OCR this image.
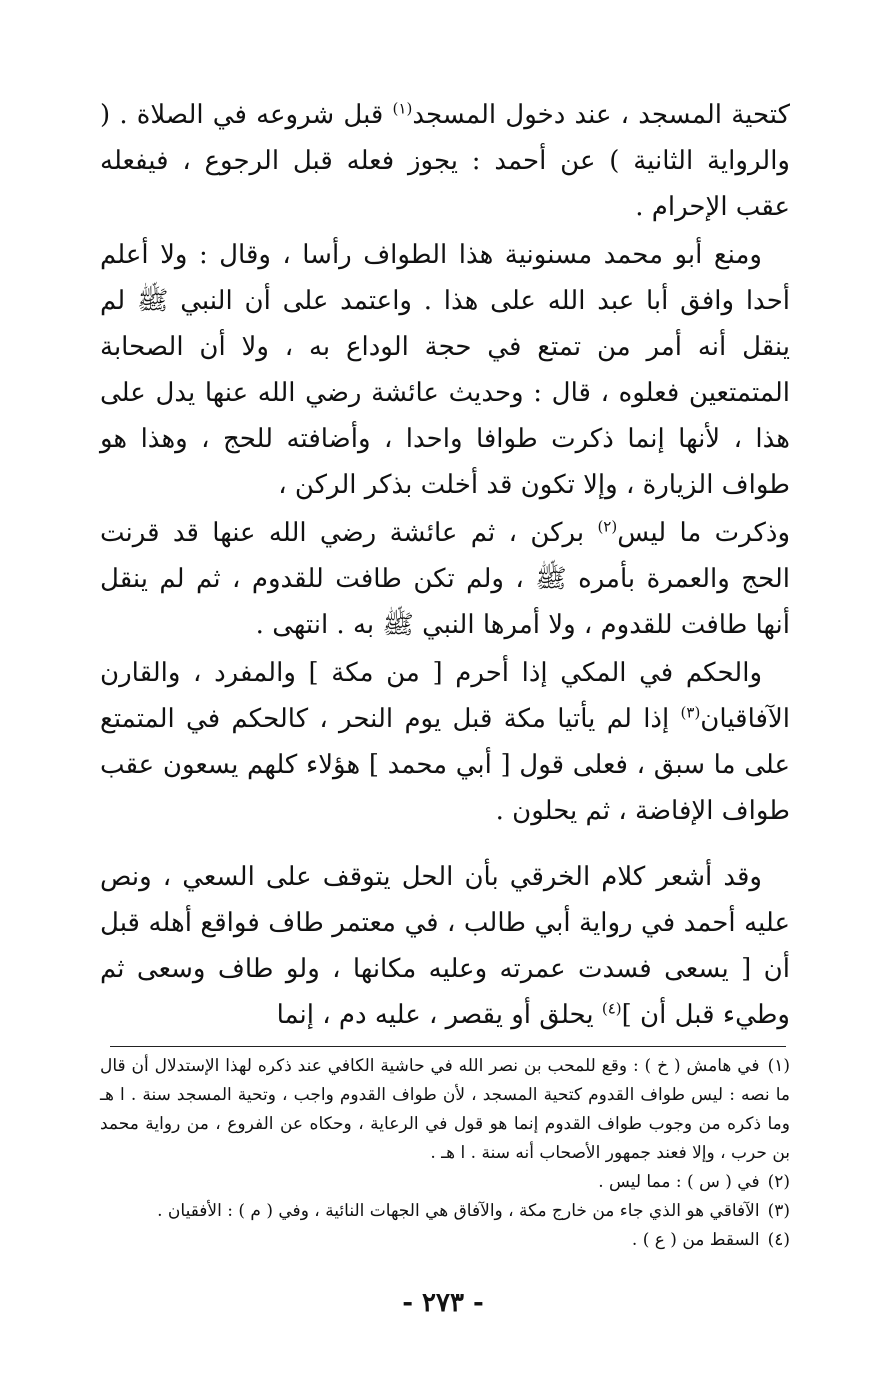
كتحية المسجد ، عند دخول المسجد$^{(١)}$ قبل شروعه في الصلاة . ( والرواية الثانية ) عن أحمد : يجوز فعله قبل الرجوع ، فيفعله عقب الإحرام .

ومنع أبو محمد مسنونية هذا الطواف رأسا ، وقال : ولا أعلم أحدا وافق أبا عبد الله على هذا . واعتمد على أن النبي ﷺ لم ينقل أنه أمر من تمتع في حجة الوداع به ، ولا أن الصحابة المتمتعين فعلوه ، قال : وحديث عائشة رضي الله عنها يدل على هذا ، لأنها إنما ذكرت طوافا واحدا ، وأضافته للحج ، وهذا هو طواف الزيارة ، وإلا تكون قد أخلت بذكر الركن ،

وذكرت ما ليس$^{(٢)}$ بركن ، ثم عائشة رضي الله عنها قد قرنت الحج والعمرة بأمره ﷺ ، ولم تكن طافت للقدوم ، ثم لم ينقل أنها طافت للقدوم ، ولا أمرها النبي ﷺ به . انتهى .

والحكم في المكي إذا أحرم [ من مكة ] والمفرد ، والقارن الآفاقيان$^{(٣)}$ إذا لم يأتيا مكة قبل يوم النحر ، كالحكم في المتمتع على ما سبق ، فعلى قول [ أبي محمد ] هؤلاء كلهم يسعون عقب طواف الإفاضة ، ثم يحلون .

وقد أشعر كلام الخرقي بأن الحل يتوقف على السعي ، ونص عليه أحمد في رواية أبي طالب ، في معتمر طاف فواقع أهله قبل أن [ يسعى فسدت عمرته وعليه مكانها ، ولو طاف وسعى ثم وطيء قبل أن ]$^{(٤)}$ يحلق أو يقصر ، عليه دم ، إنما

(١)في هامش ( خ ) : وقع للمحب بن نصر الله في حاشية الكافي عند ذكره لهذا الإستدلال أن قال ما نصه : ليس طواف القدوم كتحية المسجد ، لأن طواف القدوم واجب ، وتحية المسجد سنة . ا هـ وما ذكره من وجوب طواف القدوم إنما هو قول في الرعاية ، وحكاه عن الفروع ، من رواية محمد بن حرب ، وإلا فعند جمهور الأصحاب أنه سنة . ا هـ .

(٢)في ( س ) : مما ليس .

(٣)الآفاقي هو الذي جاء من خارج مكة ، والآفاق هي الجهات النائية ، وفي ( م ) : الأفقيان .

(٤)السقط من ( ع ) .

- ٢٧٣ -
